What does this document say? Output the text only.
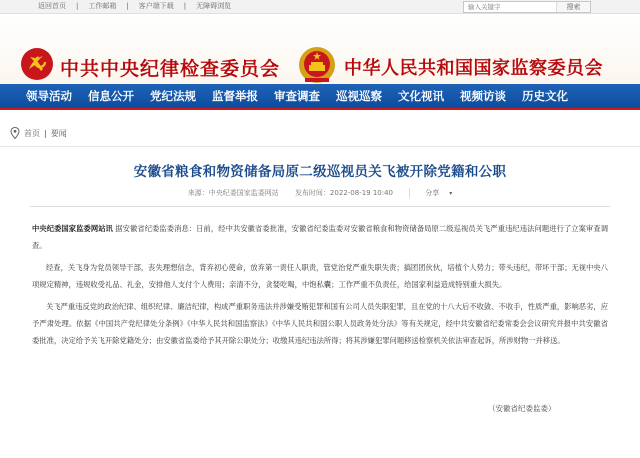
返回首页 | 工作邮箱 | 客户端下载 | 无障碍浏览
输入关键字	搜索
中共中央纪律检查委员会	中华人民共和国国家监察委员会
领导活动	信息公开	党纪法规	监督举报	审查调查	巡视巡察	文化视讯	视频访谈	历史文化
首页 | 要闻
安徽省粮食和物资储备局原二级巡视员关飞被开除党籍和公职
来源：中央纪委国家监委网站 发布时间：2022-08-19 10:40	分享 ▾

中央纪委国家监委网站讯 据安徽省纪委监委消息：日前，经中共安徽省委批准，安徽省纪委监委对安徽省粮食和物资储备局原二级巡视员关飞严重违纪违法问题进行了立案审查调查。

经查，关飞身为党员领导干部，丧失理想信念，背弃初心使命，放弃第一责任人职责，管党治党严重失职失责；搞团团伙伙，培植个人势力；带头违纪，带坏干部；无视中央八项规定精神，违规收受礼品、礼金，安排他人支付个人费用；亲清不分，贪婪吃喝，中饱私囊；工作严重不负责任，给国家利益造成特别重大损失。

关飞严重违反党的政治纪律、组织纪律、廉洁纪律，构成严重职务违法并涉嫌受贿犯罪和国有公司人员失职犯罪，且在党的十八大后不收敛、不收手，性质严重，影响恶劣，应予严肃处理。依据《中国共产党纪律处分条例》《中华人民共和国监察法》《中华人民共和国公职人员政务处分法》等有关规定，经中共安徽省纪委常委会会议研究并报中共安徽省委批准，决定给予关飞开除党籍处分；由安徽省监委给予其开除公职处分；收缴其违纪违法所得；将其涉嫌犯罪问题移送检察机关依法审查起诉，所涉财物一并移送。

（安徽省纪委监委）
